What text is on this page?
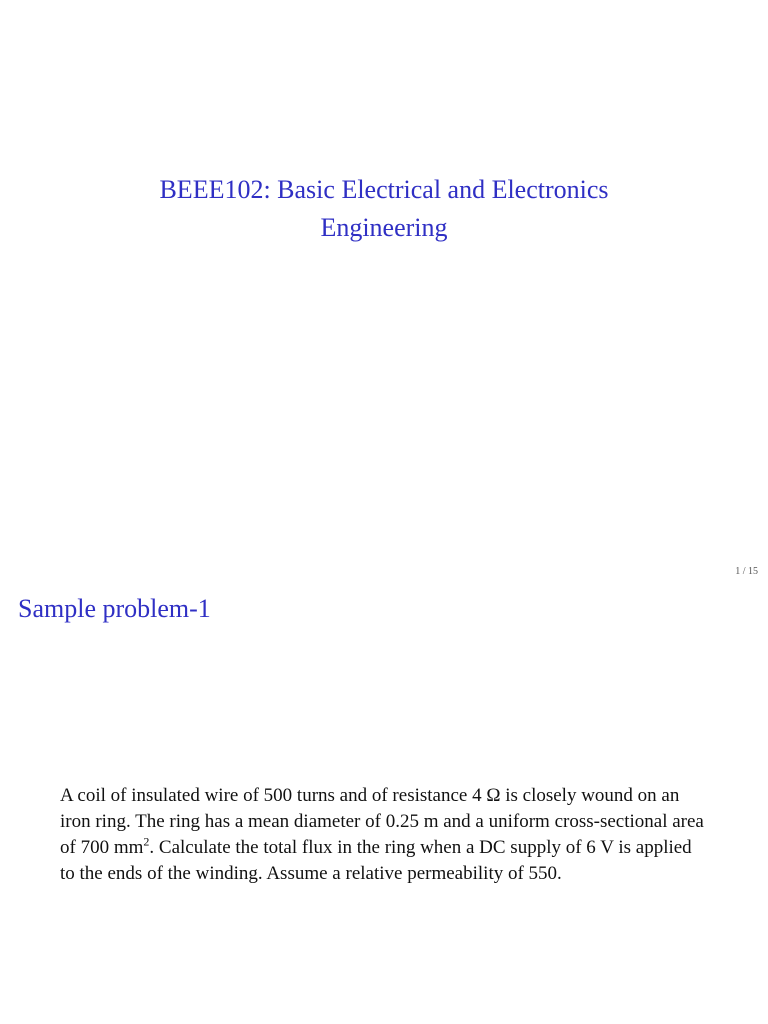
BEEE102: Basic Electrical and Electronics
Engineering
1 / 15
Sample problem-1
A coil of insulated wire of 500 turns and of resistance 4 Ω is closely wound on an iron ring. The ring has a mean diameter of 0.25 m and a uniform cross-sectional area of 700 $mm^2$. Calculate the total flux in the ring when a DC supply of 6 V is applied to the ends of the winding. Assume a relative permeability of 550.
